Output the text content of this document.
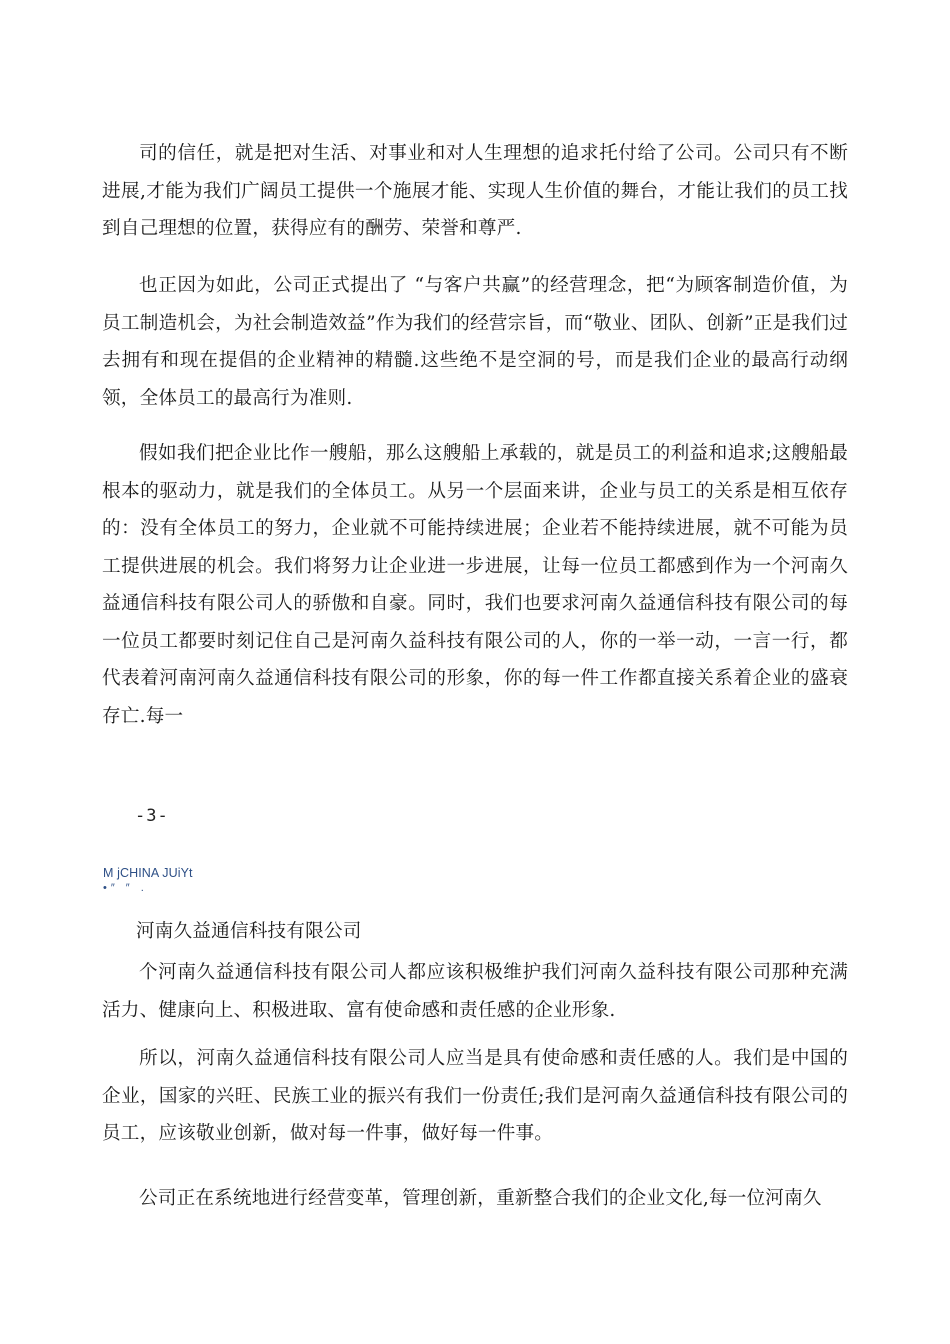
司的信任，就是把对生活、对事业和对人生理想的追求托付给了公司。公司只有不断进展,才能为我们广阔员工提供一个施展才能、实现人生价值的舞台，才能让我们的员工找到自己理想的位置，获得应有的酬劳、荣誉和尊严.

也正因为如此，公司正式提出了 “与客户共赢”的经营理念，把“为顾客制造价值，为员工制造机会，为社会制造效益”作为我们的经营宗旨，而“敬业、团队、创新”正是我们过去拥有和现在提倡的企业精神的精髓.这些绝不是空洞的号，而是我们企业的最高行动纲领，全体员工的最高行为准则.

假如我们把企业比作一艘船，那么这艘船上承载的，就是员工的利益和追求;这艘船最根本的驱动力，就是我们的全体员工。从另一个层面来讲，企业与员工的关系是相互依存的：没有全体员工的努力，企业就不可能持续进展；企业若不能持续进展，就不可能为员工提供进展的机会。我们将努力让企业进一步进展，让每一位员工都感到作为一个河南久益通信科技有限公司人的骄傲和自豪。同时，我们也要求河南久益通信科技有限公司的每一位员工都要时刻记住自己是河南久益科技有限公司的人，你的一举一动，一言一行，都代表着河南河南久益通信科技有限公司的形象，你的每一件工作都直接关系着企业的盛衰存亡.每一

-3-
M jCHINA JUiYt
•″ ″ .
河南久益通信科技有限公司

个河南久益通信科技有限公司人都应该积极维护我们河南久益科技有限公司那种充满活力、健康向上、积极进取、富有使命感和责任感的企业形象.

所以，河南久益通信科技有限公司人应当是具有使命感和责任感的人。我们是中国的企业，国家的兴旺、民族工业的振兴有我们一份责任;我们是河南久益通信科技有限公司的员工，应该敬业创新，做对每一件事，做好每一件事。

公司正在系统地进行经营变革，管理创新，重新整合我们的企业文化,每一位河南久
